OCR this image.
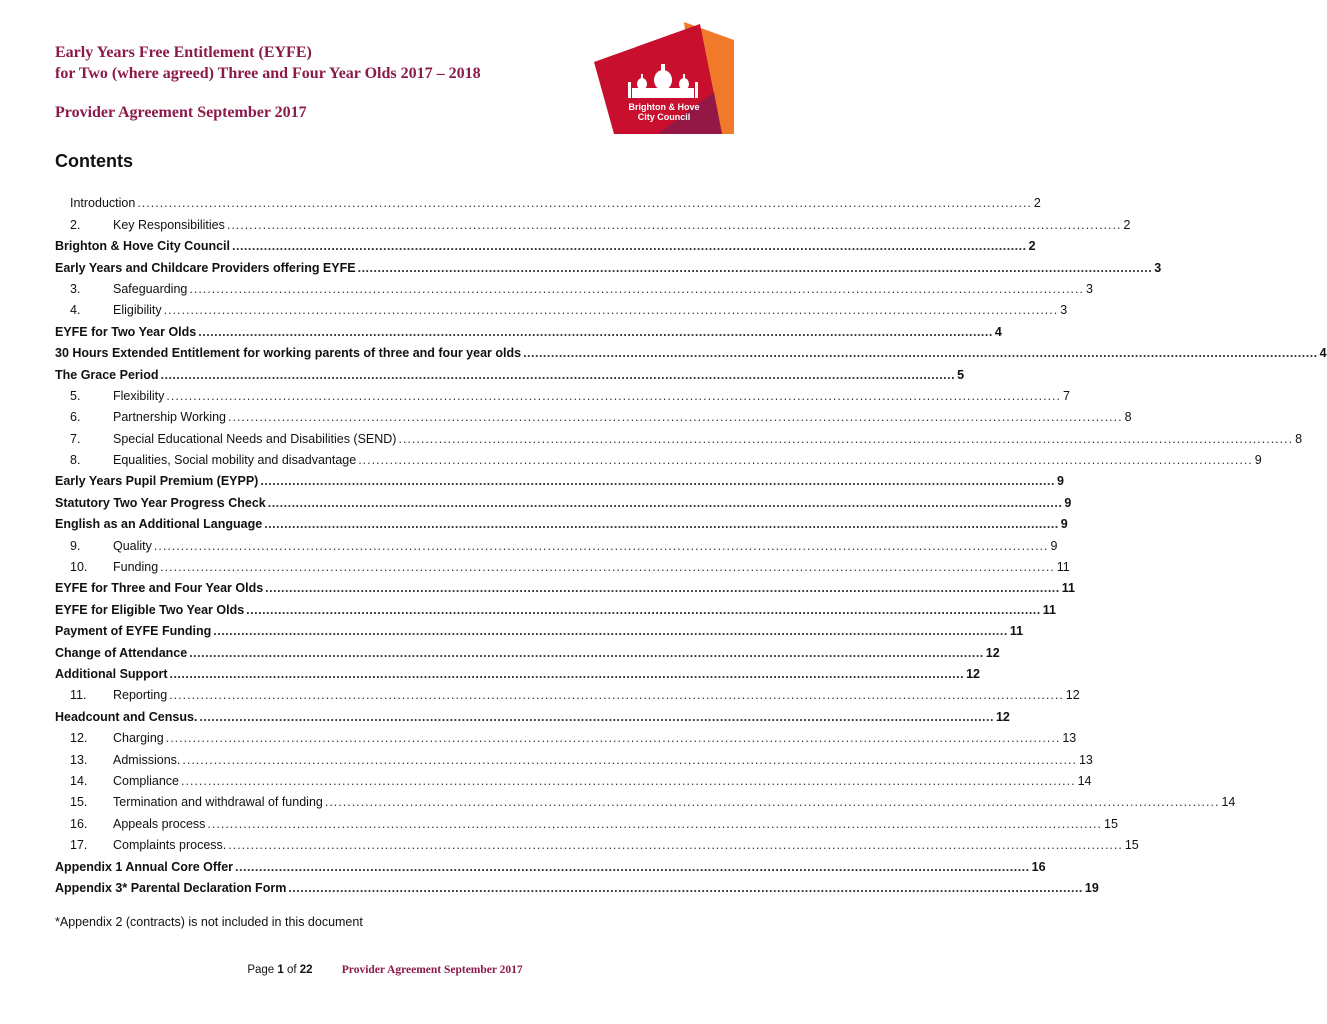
Early Years Free Entitlement (EYFE)
for Two (where agreed) Three and Four Year Olds 2017 – 2018
Provider Agreement September 2017	Brighton & Hove
City Council
Contents
Introduction ........................................................................................................................................................................................................ 2
2.	Key Responsibilities ........................................................................................................................................................................................................ 2
Brighton & Hove City Council ........................................................................................................................................................................................................ 2
Early Years and Childcare Providers offering EYFE ........................................................................................................................................................................................................ 3
3.	Safeguarding ........................................................................................................................................................................................................ 3
4.	Eligibility ........................................................................................................................................................................................................ 3
EYFE for Two Year Olds ........................................................................................................................................................................................................ 4
30 Hours Extended Entitlement for working parents of three and four year olds ........................................................................................................................................................................................................ 4
The Grace Period ........................................................................................................................................................................................................ 5
5.	Flexibility ........................................................................................................................................................................................................ 7
6.	Partnership Working ........................................................................................................................................................................................................ 8
7.	Special Educational Needs and Disabilities (SEND) ........................................................................................................................................................................................................ 8
8.	Equalities, Social mobility and disadvantage ........................................................................................................................................................................................................ 9
Early Years Pupil Premium (EYPP) ........................................................................................................................................................................................................ 9
Statutory Two Year Progress Check ........................................................................................................................................................................................................ 9
English as an Additional Language ........................................................................................................................................................................................................ 9
9.	Quality ........................................................................................................................................................................................................ 9
10.	Funding ........................................................................................................................................................................................................ 11
EYFE for Three and Four Year Olds ........................................................................................................................................................................................................ 11
EYFE for Eligible Two Year Olds ........................................................................................................................................................................................................ 11
Payment of EYFE Funding ........................................................................................................................................................................................................ 11
Change of Attendance ........................................................................................................................................................................................................ 12
Additional Support ........................................................................................................................................................................................................ 12
11.	Reporting ........................................................................................................................................................................................................ 12
Headcount and Census. ........................................................................................................................................................................................................ 12
12.	Charging ........................................................................................................................................................................................................ 13
13.	Admissions. ........................................................................................................................................................................................................ 13
14.	Compliance ........................................................................................................................................................................................................ 14
15.	Termination and withdrawal of funding ........................................................................................................................................................................................................ 14
16.	Appeals process ........................................................................................................................................................................................................ 15
17.	Complaints process. ........................................................................................................................................................................................................ 15
Appendix 1 Annual Core Offer ........................................................................................................................................................................................................ 16
Appendix 3* Parental Declaration Form ........................................................................................................................................................................................................ 19

*Appendix 2 (contracts) is not included in this document

Page 1 of 22	Provider Agreement September 2017
